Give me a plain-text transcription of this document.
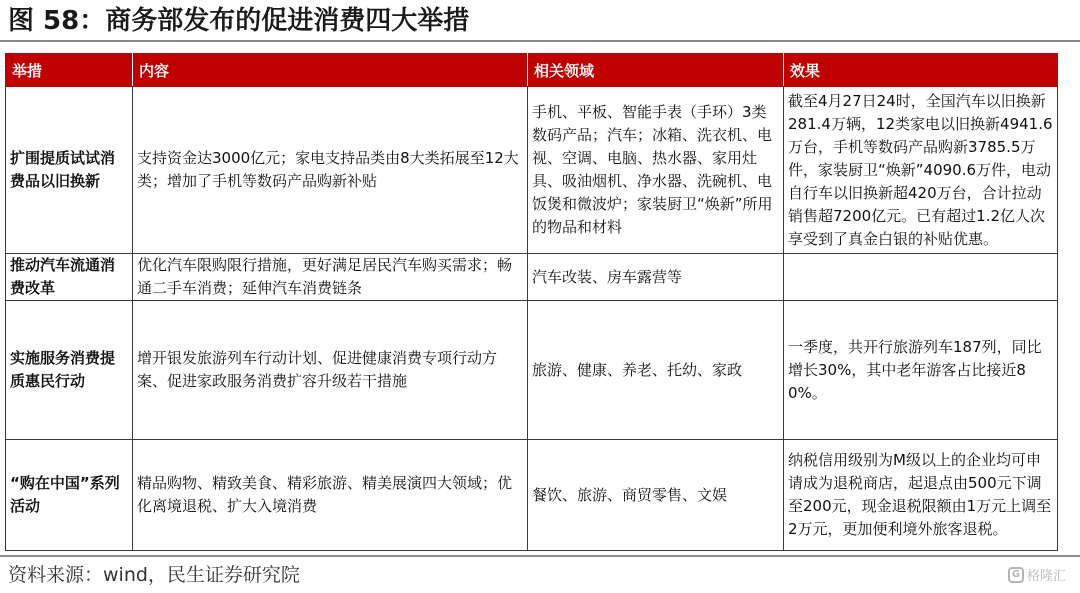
图 58：商务部发布的促进消费四大举措
举措	内容	相关领域	效果
扩围提质试试消费品以旧换新	支持资金达3000亿元；家电支持品类由8大类拓展至12大类；增加了手机等数码产品购新补贴	手机、平板、智能手表（手环）3类数码产品；汽车；冰箱、洗衣机、电视、空调、电脑、热水器、家用灶具、吸油烟机、净水器、洗碗机、电饭煲和微波炉；家装厨卫“焕新”所用的物品和材料	截至4月27日24时，全国汽车以旧换新281.4万辆，12类家电以旧换新4941.6万台，手机等数码产品购新3785.5万件，家装厨卫“焕新”4090.6万件，电动自行车以旧换新超420万台，合计拉动销售超7200亿元。已有超过1.2亿人次享受到了真金白银的补贴优惠。
推动汽车流通消费改革	优化汽车限购限行措施，更好满足居民汽车购买需求；畅通二手车消费；延伸汽车消费链条	汽车改装、房车露营等	
实施服务消费提质惠民行动	增开银发旅游列车行动计划、促进健康消费专项行动方案、促进家政服务消费扩容升级若干措施	旅游、健康、养老、托幼、家政	一季度，共开行旅游列车187列，同比增长30%，其中老年游客占比接近80%。
“购在中国”系列活动	精品购物、精致美食、精彩旅游、精美展演四大领域；优化离境退税、扩大入境消费	餐饮、旅游、商贸零售、文娱	纳税信用级别为M级以上的企业均可申请成为退税商店，起退点由500元下调至200元，现金退税限额由1万元上调至2万元，更加便利境外旅客退税。
资料来源：wind，民生证券研究院	G 格隆汇
